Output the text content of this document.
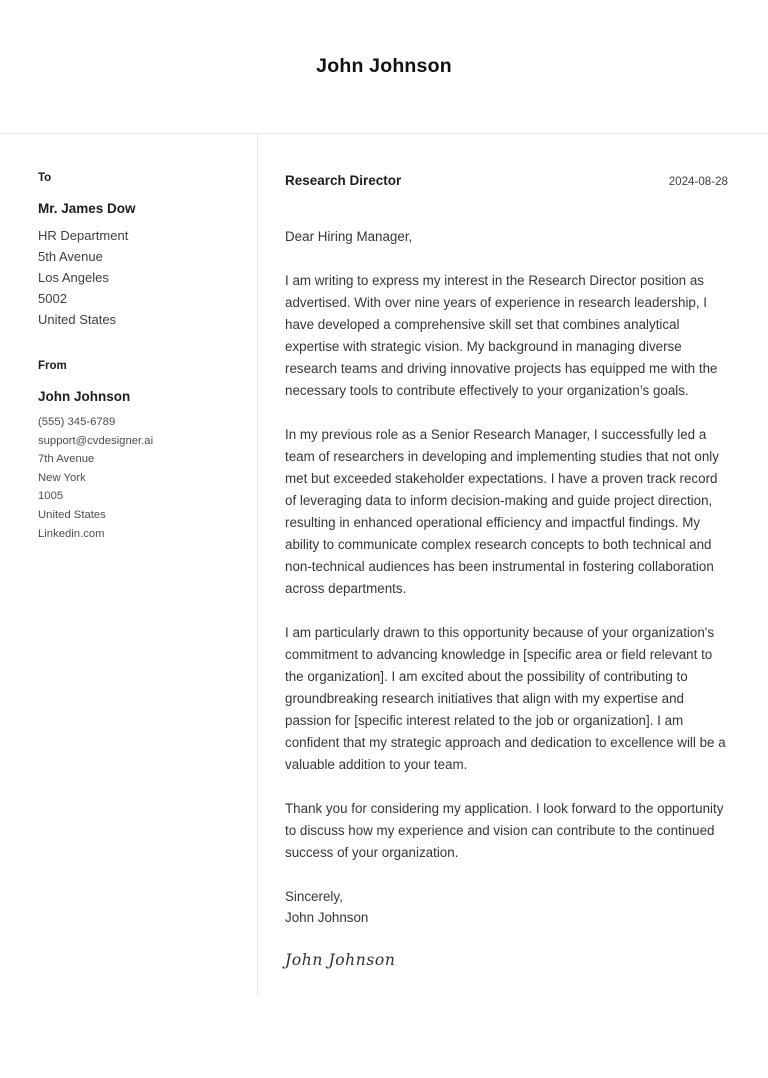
John Johnson
To
Mr. James Dow
HR Department
5th Avenue
Los Angeles
5002
United States
From
John Johnson
(555) 345-6789
support@cvdesigner.ai
7th Avenue
New York
1005
United States
Linkedin.com
Research Director	2024-08-28

Dear Hiring Manager,

I am writing to express my interest in the Research Director position as advertised. With over nine years of experience in research leadership, I have developed a comprehensive skill set that combines analytical expertise with strategic vision. My background in managing diverse research teams and driving innovative projects has equipped me with the necessary tools to contribute effectively to your organization’s goals.

In my previous role as a Senior Research Manager, I successfully led a team of researchers in developing and implementing studies that not only met but exceeded stakeholder expectations. I have a proven track record of leveraging data to inform decision-making and guide project direction, resulting in enhanced operational efficiency and impactful findings. My ability to communicate complex research concepts to both technical and non-technical audiences has been instrumental in fostering collaboration across departments.

I am particularly drawn to this opportunity because of your organization's commitment to advancing knowledge in [specific area or field relevant to the organization]. I am excited about the possibility of contributing to groundbreaking research initiatives that align with my expertise and passion for [specific interest related to the job or organization]. I am confident that my strategic approach and dedication to excellence will be a valuable addition to your team.

Thank you for considering my application. I look forward to the opportunity to discuss how my experience and vision can contribute to the continued success of your organization.

Sincerely,
John Johnson
John Johnson
